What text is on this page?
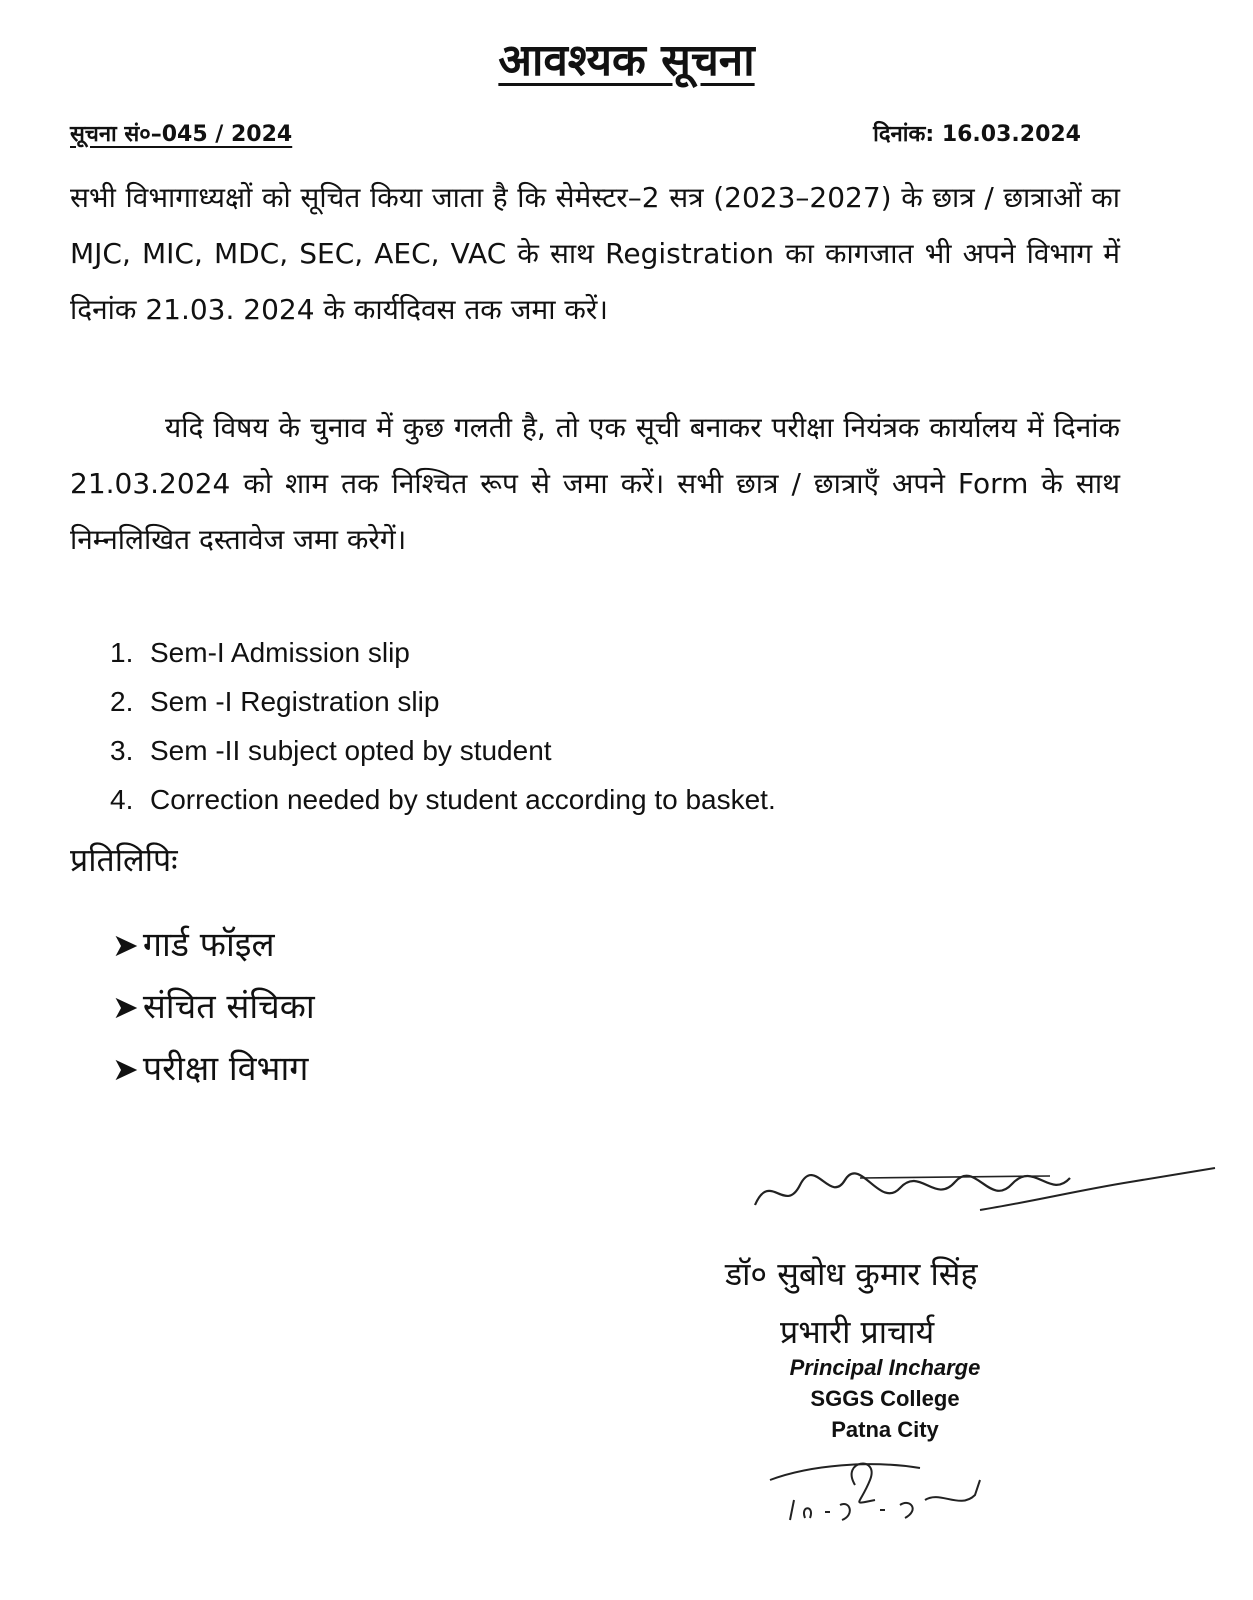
आवश्यक सूचना
सूचना सं०–045 / 2024	दिनांक: 16.03.2024
सभी विभागाध्यक्षों को सूचित किया जाता है कि सेमेस्टर–2 सत्र (2023–2027) के छात्र / छात्राओं का MJC, MIC, MDC, SEC, AEC, VAC के साथ Registration का कागजात भी अपने विभाग में दिनांक 21.03. 2024 के कार्यदिवस तक जमा करें।
यदि विषय के चुनाव में कुछ गलती है, तो एक सूची बनाकर परीक्षा नियंत्रक कार्यालय में दिनांक 21.03.2024 को शाम तक निश्चित रूप से जमा करें। सभी छात्र / छात्राएँ अपने Form के साथ निम्नलिखित दस्तावेज जमा करेगें।
1. Sem-I Admission slip
2. Sem -I Registration slip
3. Sem -II subject opted by student
4. Correction needed by student according to basket.
प्रतिलिपिः
➤ गार्ड फॉइल
➤ संचित संचिका
➤ परीक्षा विभाग
डॉ० सुबोध कुमार सिंह
प्रभारी प्राचार्य
Principal Incharge
SGGS College
Patna City
